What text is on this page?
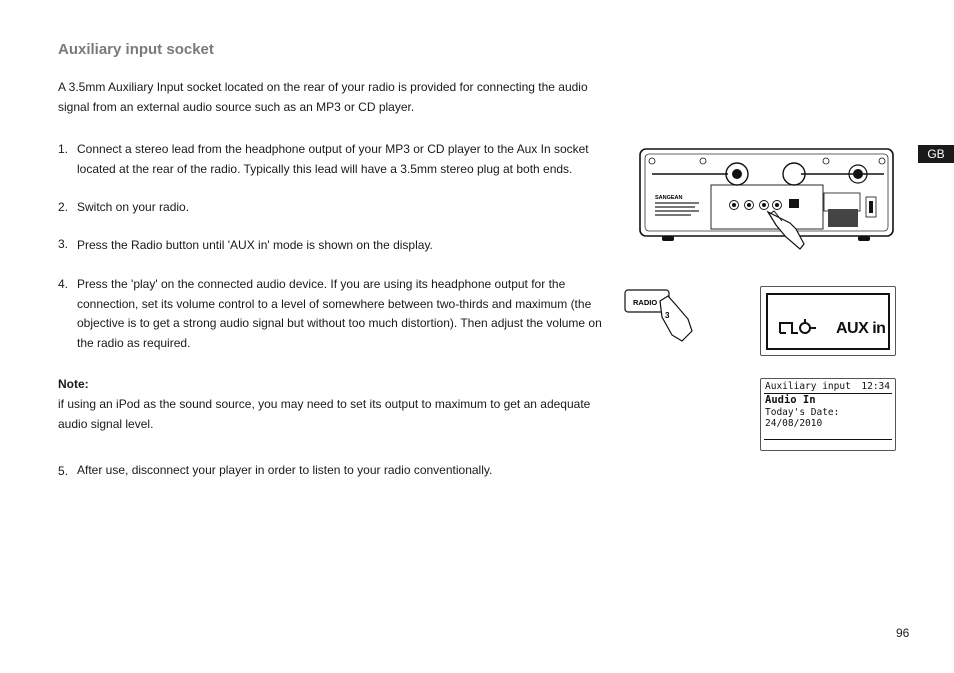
Auxiliary input socket
A 3.5mm Auxiliary Input socket located on the rear of your radio is provided for connecting the audio signal from an external audio source such as an MP3 or CD player.
1. Connect a stereo lead from the headphone output of your MP3 or CD player to the Aux In socket located at the rear of the radio. Typically this lead will have a 3.5mm stereo plug at both ends.
2. Switch on your radio.
3. Press the Radio button until 'AUX in' mode is shown on the display.
4. Press the 'play' on the connected audio device. If you are using its headphone output for the connection, set its volume control to a level of somewhere between two-thirds and maximum (the objective is to get a strong audio signal but without too much distortion). Then adjust the volume on the radio as required.
Note:
if using an iPod as the sound source, you may need to set its output to maximum to get an adequate audio signal level.
5. After use, disconnect your player in order to listen to your radio conventionally.
GB
96
SANGEAN
RADIO
3
AUX in
Auxiliary input 12:34
Audio In
Today's Date:
24/08/2010
